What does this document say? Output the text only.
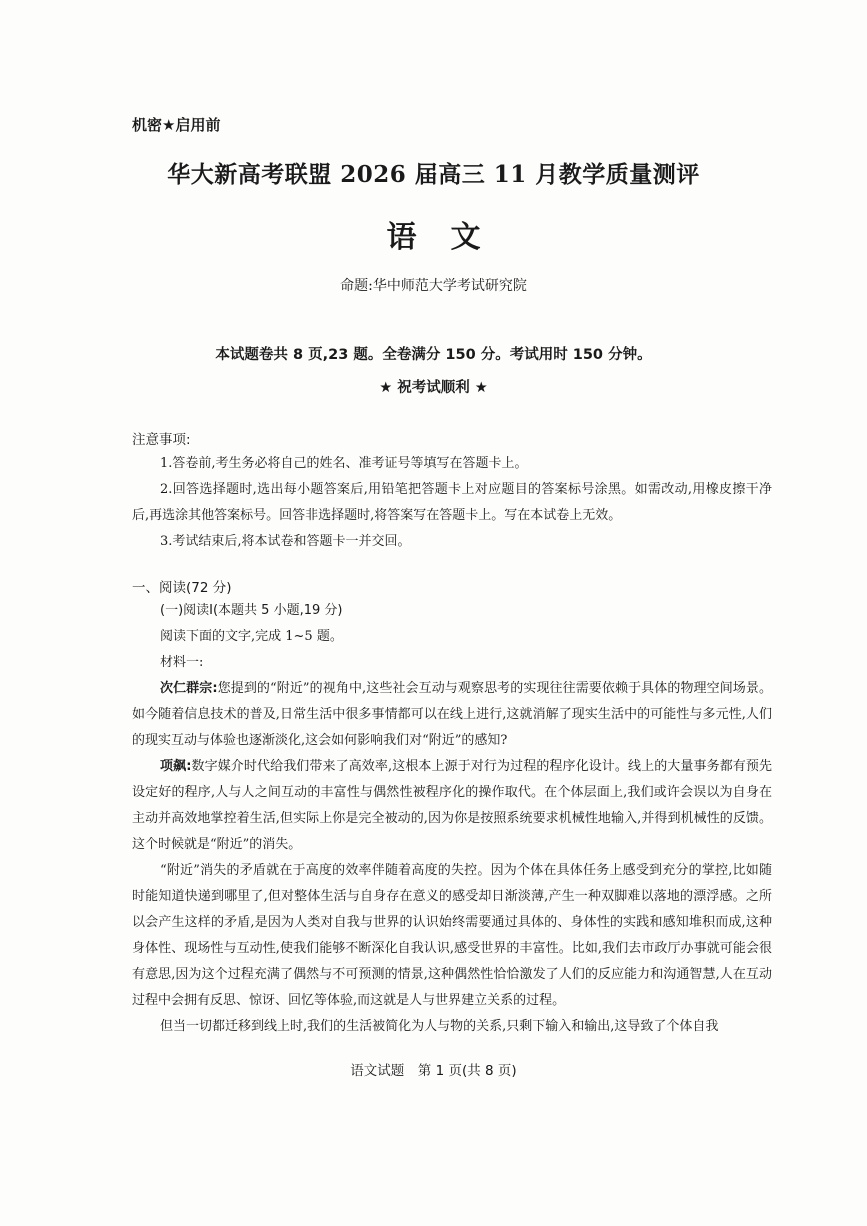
机密★启用前
华大新高考联盟 2026 届高三 11 月教学质量测评
语文
命题:华中师范大学考试研究院
本试题卷共 8 页,23 题。全卷满分 150 分。考试用时 150 分钟。
★ 祝考试顺利 ★
注意事项:

1.答卷前,考生务必将自己的姓名、准考证号等填写在答题卡上。

2.回答选择题时,选出每小题答案后,用铅笔把答题卡上对应题目的答案标号涂黑。如需改动,用橡皮擦干净后,再选涂其他答案标号。回答非选择题时,将答案写在答题卡上。写在本试卷上无效。

3.考试结束后,将本试卷和答题卡一并交回。

一、阅读(72 分)

(一)阅读Ⅰ(本题共 5 小题,19 分)

阅读下面的文字,完成 1~5 题。

材料一:

次仁群宗:您提到的“附近”的视角中,这些社会互动与观察思考的实现往往需要依赖于具体的物理空间场景。如今随着信息技术的普及,日常生活中很多事情都可以在线上进行,这就消解了现实生活中的可能性与多元性,人们的现实互动与体验也逐渐淡化,这会如何影响我们对“附近”的感知?

项飙:数字媒介时代给我们带来了高效率,这根本上源于对行为过程的程序化设计。线上的大量事务都有预先设定好的程序,人与人之间互动的丰富性与偶然性被程序化的操作取代。在个体层面上,我们或许会误以为自身在主动并高效地掌控着生活,但实际上你是完全被动的,因为你是按照系统要求机械性地输入,并得到机械性的反馈。这个时候就是“附近”的消失。

“附近”消失的矛盾就在于高度的效率伴随着高度的失控。因为个体在具体任务上感受到充分的掌控,比如随时能知道快递到哪里了,但对整体生活与自身存在意义的感受却日渐淡薄,产生一种双脚难以落地的漂浮感。之所以会产生这样的矛盾,是因为人类对自我与世界的认识始终需要通过具体的、身体性的实践和感知堆积而成,这种身体性、现场性与互动性,使我们能够不断深化自我认识,感受世界的丰富性。比如,我们去市政厅办事就可能会很有意思,因为这个过程充满了偶然与不可预测的情景,这种偶然性恰恰激发了人们的反应能力和沟通智慧,人在互动过程中会拥有反思、惊讶、回忆等体验,而这就是人与世界建立关系的过程。

但当一切都迁移到线上时,我们的生活被简化为人与物的关系,只剩下输入和输出,这导致了个体自我

语文试题　第 1 页(共 8 页)
